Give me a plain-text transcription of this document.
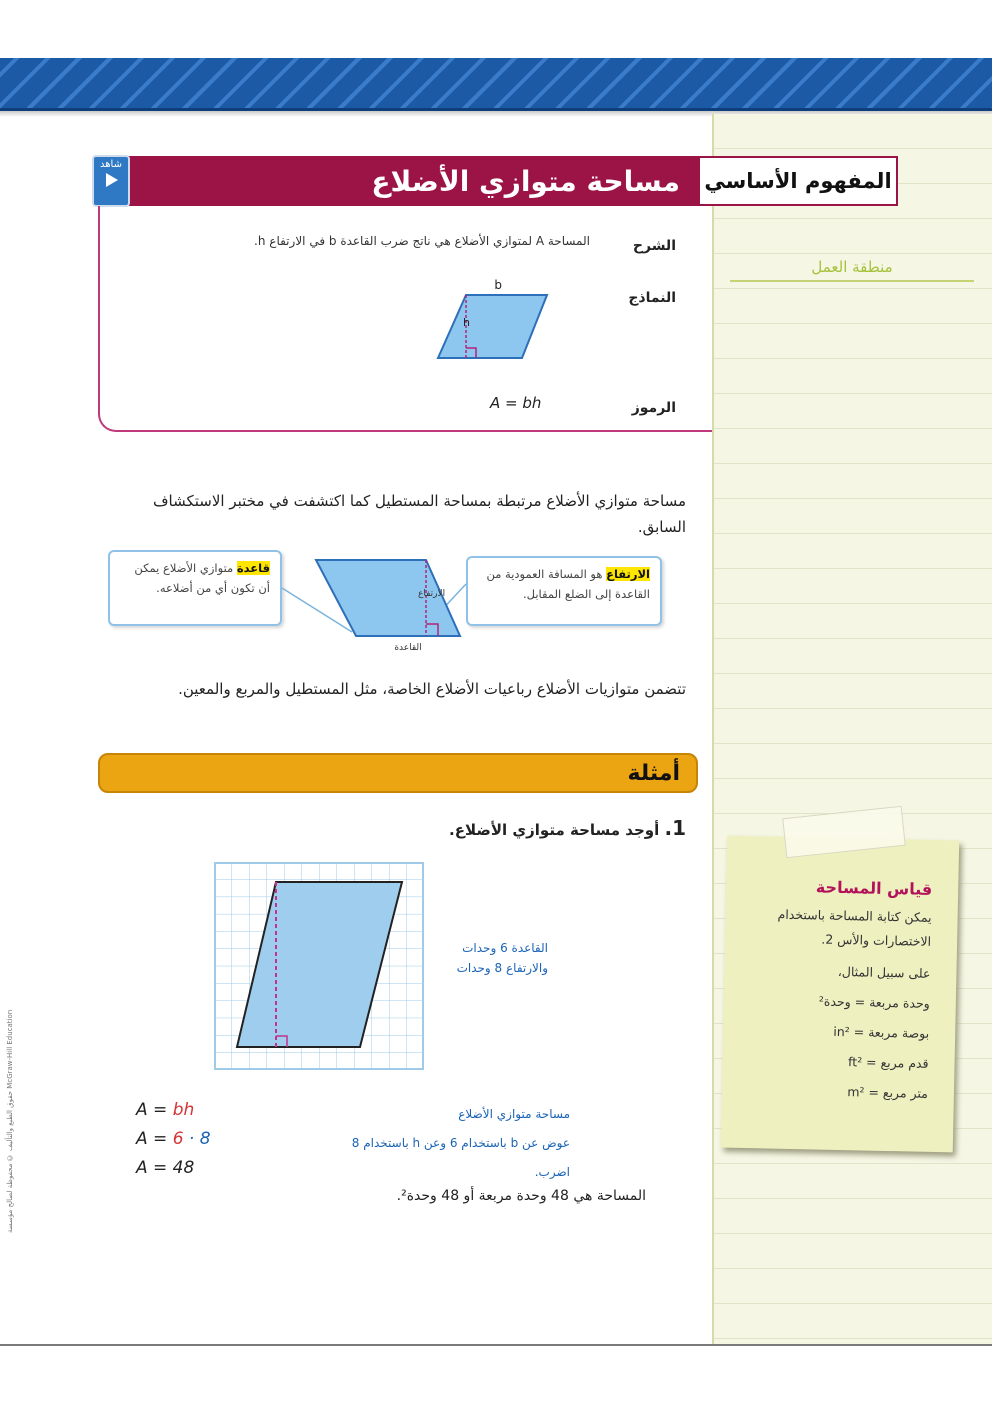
منطقة العمل
McGraw-Hill Education حقوق الطبع والتأليف © محفوظة لصالح مؤسسة
مساحة متوازي الأضلاع المفهوم الأساسي
شاهد
الشرح
المساحة A لمتوازي الأضلاع هي ناتج ضرب القاعدة b في الارتفاع h.
النماذج
b
h
الرموز
A = bh
مساحة متوازي الأضلاع مرتبطة بمساحة المستطيل كما اكتشفت في مختبر الاستكشاف السابق.
قاعدة متوازي الأضلاع يمكن أن تكون أي من أضلاعه.
الارتفاع هو المسافة العمودية من القاعدة إلى الضلع المقابل.
الارتفاع
القاعدة
تتضمن متوازيات الأضلاع رباعيات الأضلاع الخاصة، مثل المستطيل والمربع والمعين.
أمثلة
1. أوجد مساحة متوازي الأضلاع.
القاعدة 6 وحدات
والارتفاع 8 وحدات
A = bh
A = 6 · 8
A = 48
مساحة متوازي الأضلاع
عوض عن b باستخدام 6 وعن h باستخدام 8
اضرب.
المساحة هي 48 وحدة مربعة أو 48 وحدة².
قياس المساحة
يمكن كتابة المساحة باستخدام
الاختصارات والأس 2.
على سبيل المثال،
وحدة مربعة = وحدة²
بوصة مربعة = in²
قدم مربع = ft²
متر مربع = m²
